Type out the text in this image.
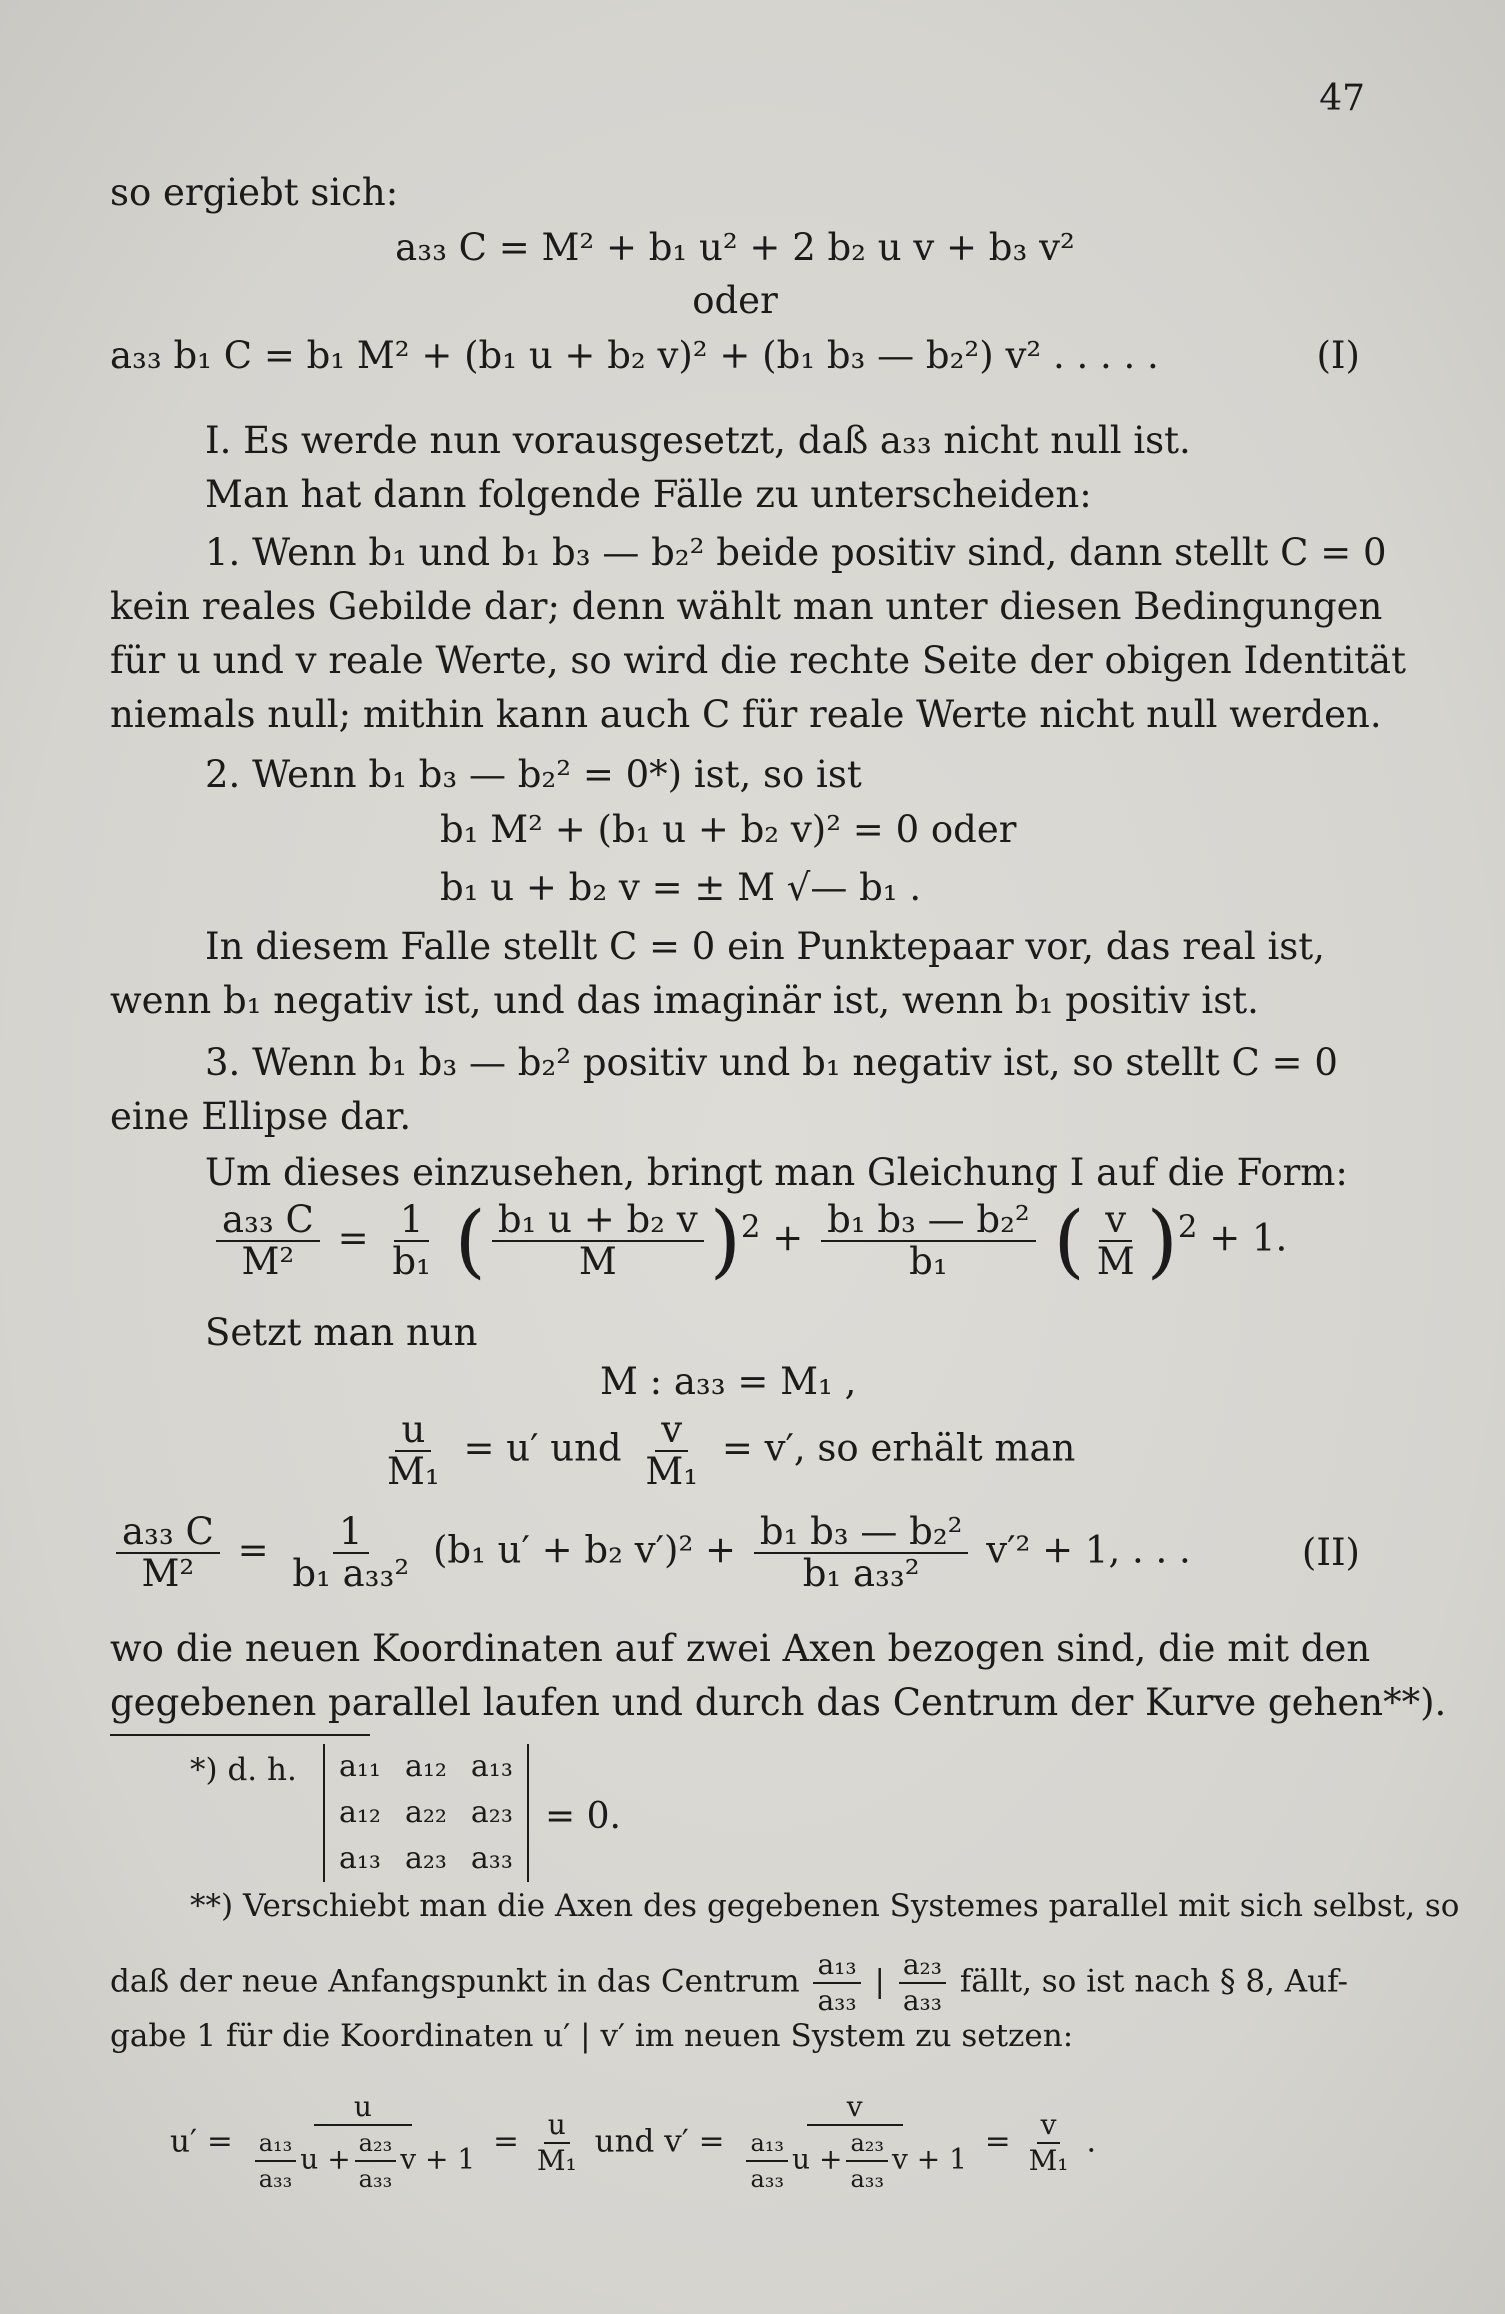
47
so ergiebt sich:
a₃₃ C = M² + b₁ u² + 2 b₂ u v + b₃ v²
oder
a₃₃ b₁ C = b₁ M² + (b₁ u + b₂ v)² + (b₁ b₃ — b₂²) v² . . . . .	(I)
I. Es werde nun vorausgesetzt, daß a₃₃ nicht null ist.
Man hat dann folgende Fälle zu unterscheiden:
1. Wenn b₁ und b₁ b₃ — b₂² beide positiv sind, dann stellt C = 0
kein reales Gebilde dar; denn wählt man unter diesen Bedingungen
für u und v reale Werte, so wird die rechte Seite der obigen Identität
niemals null; mithin kann auch C für reale Werte nicht null werden.
2. Wenn b₁ b₃ — b₂² = 0*) ist, so ist
b₁ M² + (b₁ u + b₂ v)² = 0 oder
b₁ u + b₂ v = ± M √— b₁ .
In diesem Falle stellt C = 0 ein Punktepaar vor, das real ist,
wenn b₁ negativ ist, und das imaginär ist, wenn b₁ positiv ist.
3. Wenn b₁ b₃ — b₂² positiv und b₁ negativ ist, so stellt C = 0
eine Ellipse dar.
Um dieses einzusehen, bringt man Gleichung I auf die Form:
$\frac{\text{a₃₃ C}}{\text{M²}} = \frac{1}{\text{b₁}}$ ( $\frac{\text{b₁ u + b₂ v}}{M} )^2 + \frac{\text{b₁ b₃ — b₂²}}{\text{b₁}}$ ( $\frac{v}{M} )^2 + 1$.
Setzt man nun
M : a₃₃ = M₁ ,
$\frac{u}{\text{M₁}} = u'$ und $\frac{v}{\text{M₁}} = v'$, so erhält man
$\frac{\text{a₃₃ C}}{\text{M²}} = \frac{1}{\text{b₁ a₃₃²}} (b_1$ u′ + b₂ $v')^2 + \frac{\text{b₁ b₃ — b₂²}}{\text{b₁ a₃₃²}} v'^2 + 1$, . . .	(II)
wo die neuen Koordinaten auf zwei Axen bezogen sind, die mit den
gegebenen parallel laufen und durch das Centrum der Kurve gehen**).
*) d. h. a₁₁ a₁₂ a₁₃
a₁₂ a₂₂ a₂₃
a₁₃ a₂₃ a₃₃
= 0.
**) Verschiebt man die Axen des gegebenen Systemes parallel mit sich selbst, so
daß der neue Anfangspunkt in das Centrum $\frac{\text{a₁₃}}{\text{a₃₃}}$ | $\frac{\text{a₂₃}}{\text{a₃₃}}$ fällt, so ist nach § 8, Auf-
gabe 1 für die Koordinaten u′ | v′ im neuen System zu setzen:
$u' = \frac{u}{\frac{\text{a₁₃}}{\text{a₃₃}} u + \frac{\text{a₂₃}}{\text{a₃₃}} v + 1} = \frac{u}{\text{M₁}}$ und $v' = \frac{v}{\frac{\text{a₁₃}}{\text{a₃₃}} u + \frac{\text{a₂₃}}{\text{a₃₃}} v + 1} = \frac{v}{\text{M₁}}$ .
